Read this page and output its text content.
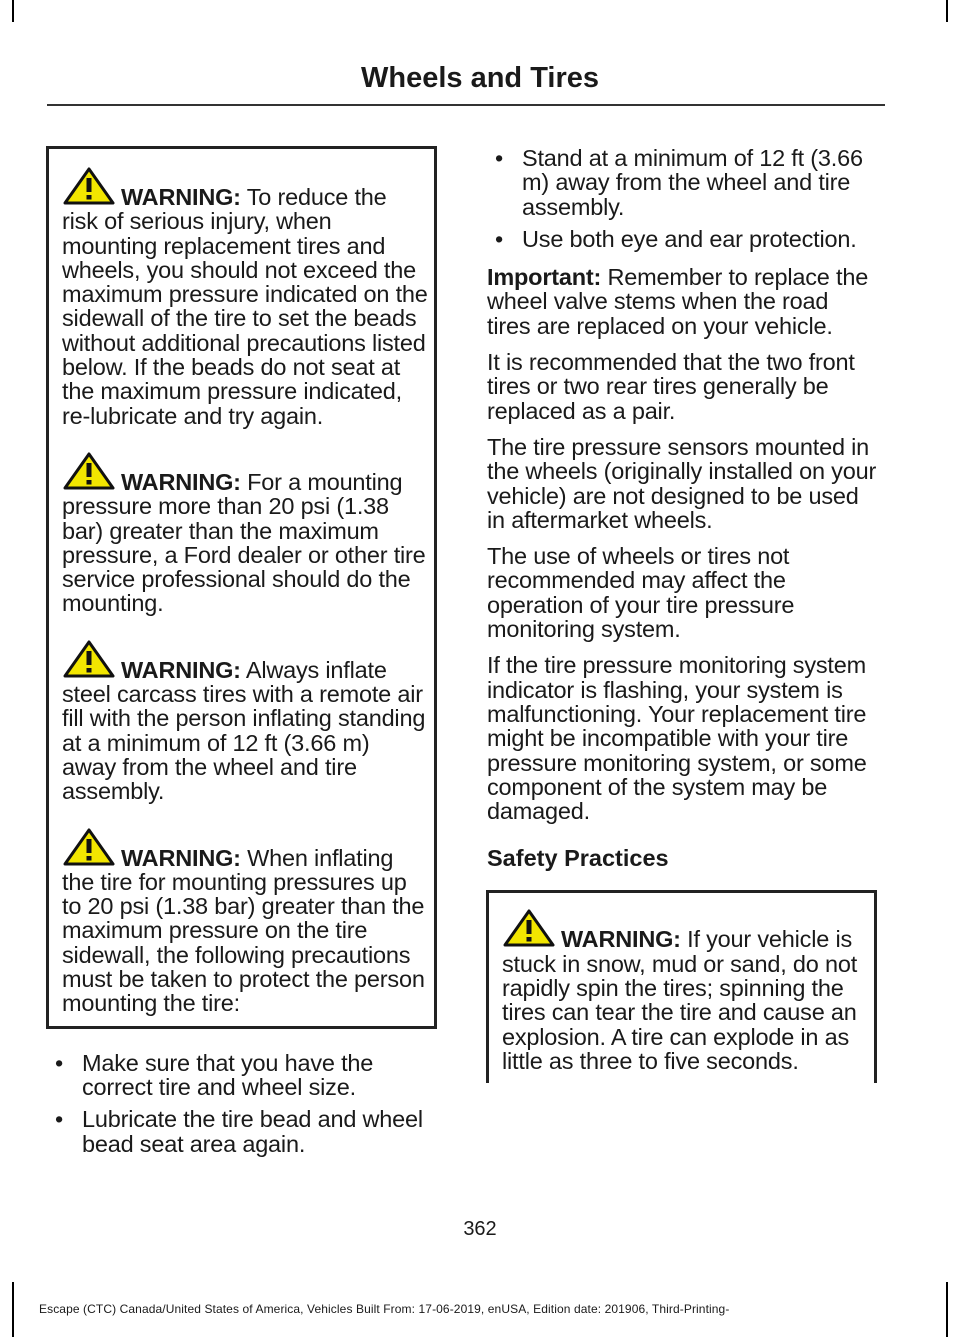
Wheels and Tires
WARNING: To reduce the risk of serious injury, when mounting replacement tires and wheels, you should not exceed the maximum pressure indicated on the sidewall of the tire to set the beads without additional precautions listed below. If the beads do not seat at the maximum pressure indicated, re-lubricate and try again.
WARNING: For a mounting pressure more than 20 psi (1.38 bar) greater than the maximum pressure, a Ford dealer or other tire service professional should do the mounting.
WARNING: Always inflate steel carcass tires with a remote air fill with the person inflating standing at a minimum of 12 ft (3.66 m) away from the wheel and tire assembly.
WARNING: When inflating the tire for mounting pressures up to 20 psi (1.38 bar) greater than the maximum pressure on the tire sidewall, the following precautions must be taken to protect the person mounting the tire:
• Make sure that you have the correct tire and wheel size.
• Lubricate the tire bead and wheel bead seat area again.
• Stand at a minimum of 12 ft (3.66 m) away from the wheel and tire assembly.
• Use both eye and ear protection.
Important: Remember to replace the wheel valve stems when the road tires are replaced on your vehicle.
It is recommended that the two front tires or two rear tires generally be replaced as a pair.
The tire pressure sensors mounted in the wheels (originally installed on your vehicle) are not designed to be used in aftermarket wheels.
The use of wheels or tires not recommended may affect the operation of your tire pressure monitoring system.
If the tire pressure monitoring system indicator is flashing, your system is malfunctioning. Your replacement tire might be incompatible with your tire pressure monitoring system, or some component of the system may be damaged.
Safety Practices
WARNING: If your vehicle is stuck in snow, mud or sand, do not rapidly spin the tires; spinning the tires can tear the tire and cause an explosion. A tire can explode in as little as three to five seconds.
362
Escape (CTC) Canada/United States of America, Vehicles Built From: 17-06-2019, enUSA, Edition date: 201906, Third-Printing-
